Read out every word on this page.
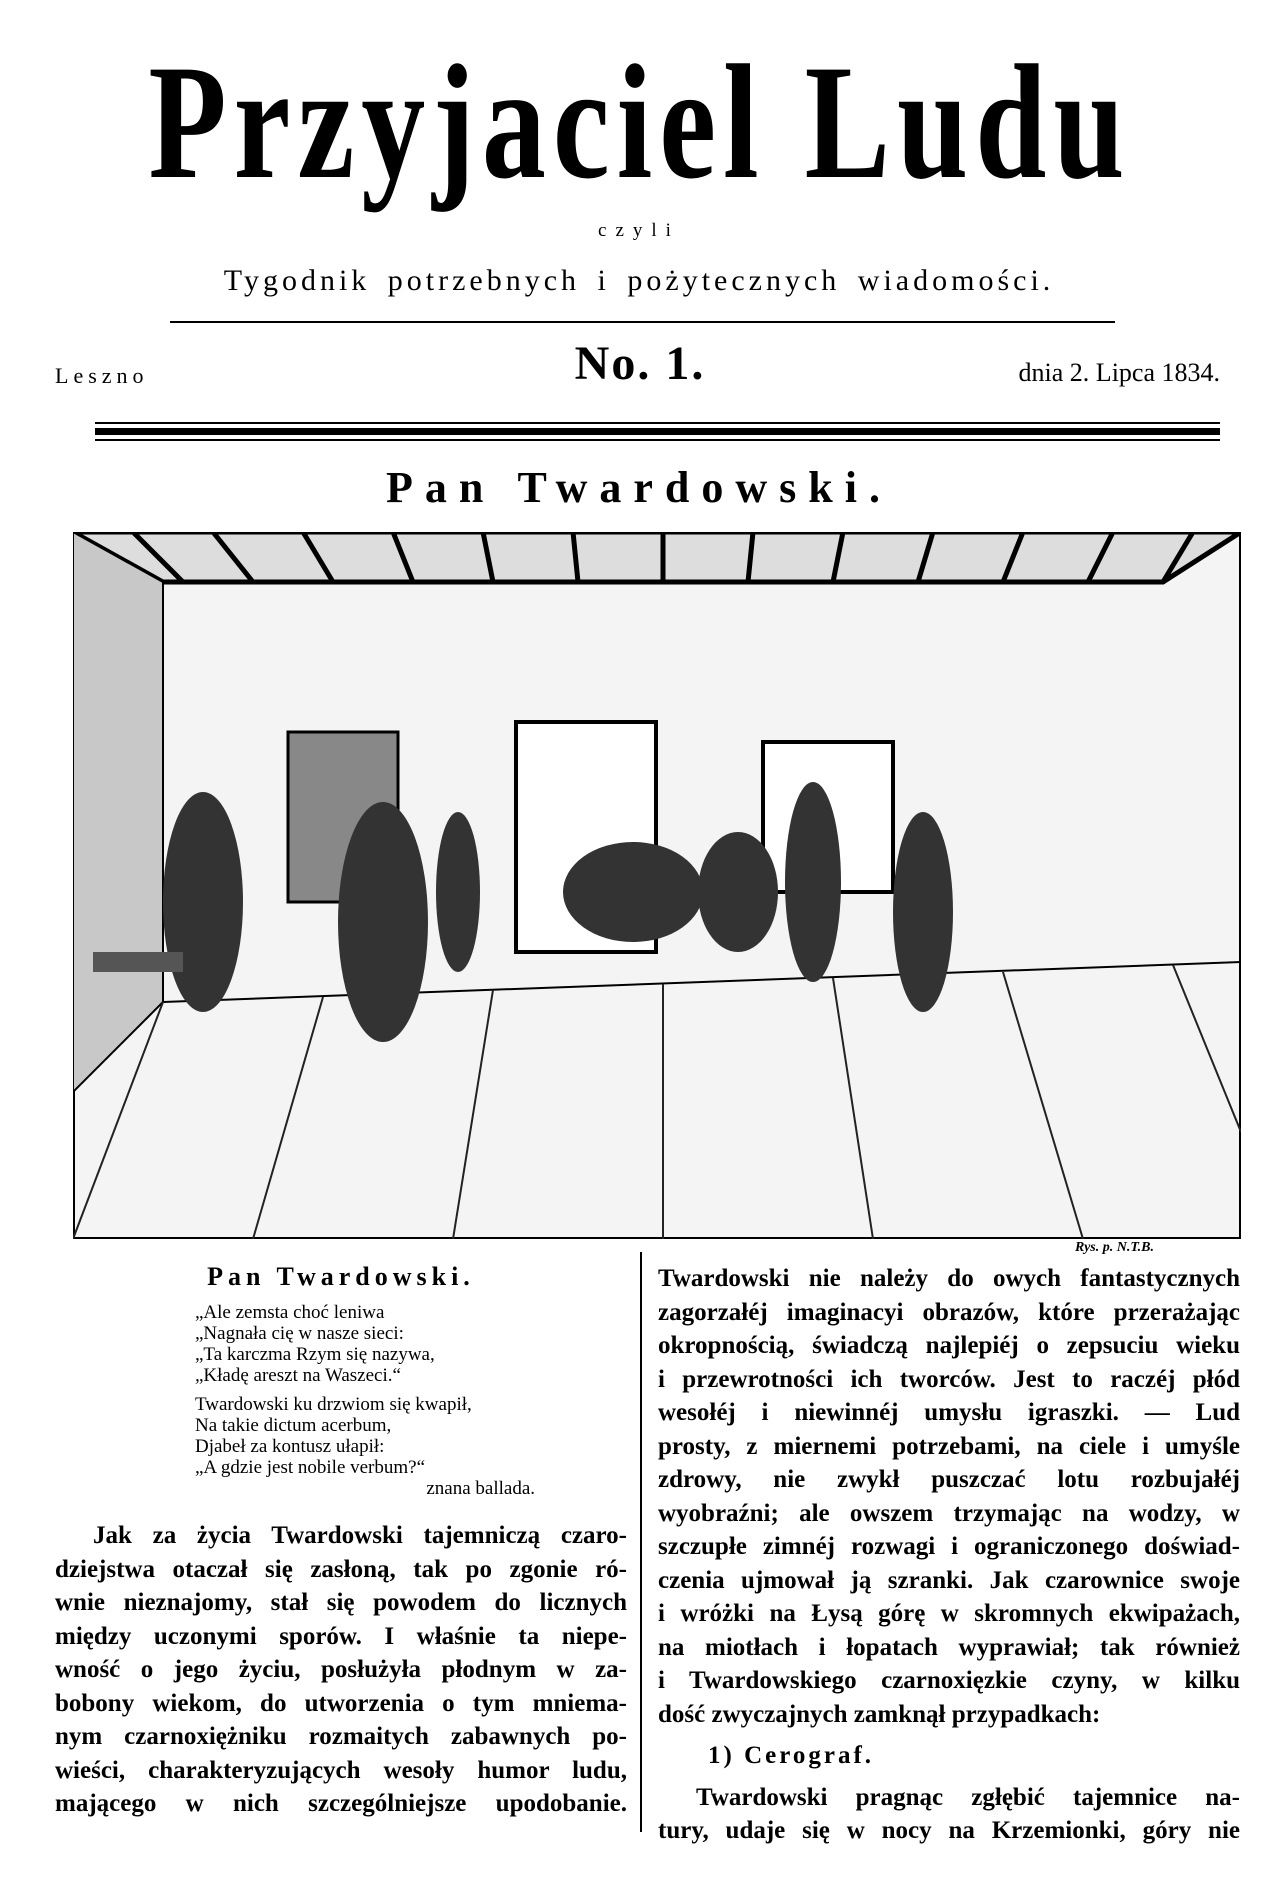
Przyjaciel Ludu
czyli
Tygodnik potrzebnych i pożytecznych wiadomości.
Leszno	No. 1.	dnia 2. Lipca 1834.
Pan Twardowski.
Rys. p. N.T.B.
Pan Twardowski.
„Ale zemsta choć leniwa
„Nagnała cię w nasze sieci:
„Ta karczma Rzym się nazywa,
„Kładę areszt na Waszeci.“
Twardowski ku drzwiom się kwapił,
Na takie dictum acerbum,
Djabeł za kontusz ułapił:
„A gdzie jest nobile verbum?“
znana ballada.
Jak za życia Twardowski tajemniczą czaro-
dziejstwa otaczał się zasłoną, tak po zgonie ró-
wnie nieznajomy, stał się powodem do licznych
między uczonymi sporów. I właśnie ta niepe-
wność o jego życiu, posłużyła płodnym w za-
bobony wiekom, do utworzenia o tym mniema-
nym czarnoxiężniku rozmaitych zabawnych po-
wieści, charakteryzujących wesoły humor ludu,
mającego w nich szczególniejsze upodobanie.
Twardowski nie należy do owych fantastycznych
zagorzałéj imaginacyi obrazów, które przerażając
okropnością, świadczą najlepiéj o zepsuciu wieku
i przewrotności ich tworców. Jest to raczéj płód
wesołéj i niewinnéj umysłu igraszki. — Lud
prosty, z miernemi potrzebami, na ciele i umyśle
zdrowy, nie zwykł puszczać lotu rozbujałéj
wyobraźni; ale owszem trzymając na wodzy, w
szczupłe zimnéj rozwagi i ograniczonego doświad-
czenia ujmował ją szranki. Jak czarownice swoje
i wróżki na Łysą górę w skromnych ekwipażach,
na miotłach i łopatach wyprawiał; tak również
i Twardowskiego czarnoxięzkie czyny, w kilku
dość zwyczajnych zamknął przypadkach:
1) Cerograf.
Twardowski pragnąc zgłębić tajemnice na-
tury, udaje się w nocy na Krzemionki, góry nie
